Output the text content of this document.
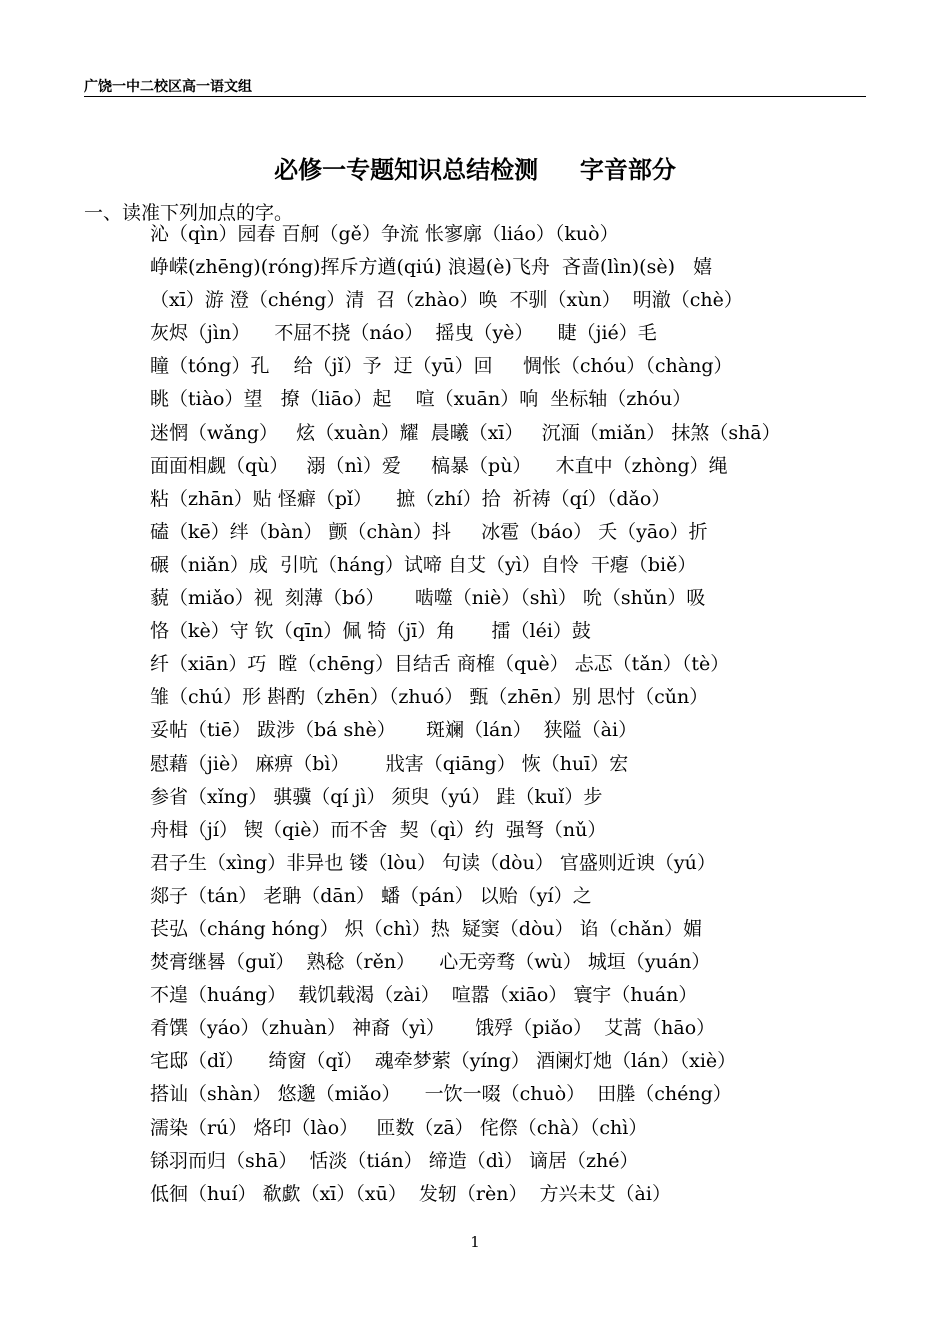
广饶一中二校区高一语文组
必修一专题知识总结检测     字音部分
一、读准下列加点的字。
沁（qìn）园春 百舸（gě）争流 怅寥廓（liáo）（kuò）
峥嵘(zhēng)(róng)挥斥方遒(qiú) 浪遏(è)飞舟  吝啬(lìn)(sè)   嬉
（xī）游 澄（chéng）清  召（zhào）唤  不驯（xùn）  明澈（chè）
灰烬（jìn）    不屈不挠（náo）  摇曳（yè）    睫（jié）毛
瞳（tóng）孔    给（jǐ）予  迂（yū）回     惆怅（chóu）（chàng）
眺（tiào）望   撩（liāo）起    喧（xuān）响  坐标轴（zhóu）
迷惘（wǎng）   炫（xuàn）耀  晨曦（xī）   沉湎（miǎn） 抹煞（shā）
面面相觑（qù）   溺（nì）爱     槁暴（pù）    木直中（zhòng）绳
粘（zhān）贴 怪癖（pǐ）    摭（zhí）拾  祈祷（qí）（dǎo）
磕（kē）绊（bàn） 颤（chàn）抖     冰雹（báo） 夭（yāo）折
碾（niǎn）成  引吭（háng）试啼 自艾（yì）自怜  干瘪（biě）
藐（miǎo）视  刻薄（bó）     啮噬（niè）（shì） 吮（shǔn）吸
恪（kè）守 钦（qīn）佩 犄（jī）角      擂（léi）鼓
纤（xiān）巧  瞠（chēng）目结舌 商榷（què） 忐忑（tǎn）（tè）
雏（chú）形 斟酌（zhēn）（zhuó） 甄（zhēn）别 思忖（cǔn）
妥帖（tiē） 跋涉（bá shè）     斑斓（lán）  狭隘（ài）
慰藉（jiè） 麻痹（bì）      戕害（qiāng） 恢（huī）宏
参省（xǐng） 骐骥（qí jì） 须臾（yú） 跬（kuǐ）步
舟楫（jí） 锲（qiè）而不舍  契（qì）约  强弩（nǔ）
君子生（xìng）非异也 镂（lòu） 句读（dòu） 官盛则近谀（yú）
郯子（tán） 老聃（dān） 蟠（pán） 以贻（yí）之
苌弘（cháng hóng） 炽（chì）热  疑窦（dòu） 谄（chǎn）媚
焚膏继晷（guǐ）  熟稔（rěn）    心无旁骛（wù） 城垣（yuán）
不遑（huáng）  载饥载渴（zài）  喧嚣（xiāo） 寰宇（huán）
肴馔（yáo）（zhuàn） 神裔（yì）     饿殍（piǎo）  艾蒿（hāo）
宅邸（dǐ）    绮窗（qǐ）  魂牵梦萦（yíng） 酒阑灯灺（lán）（xiè）
搭讪（shàn） 悠邈（miǎo）    一饮一啜（chuò）  田塍（chéng）
濡染（rú） 烙印（lào）   匝数（zā） 侘傺（chà）（chì）
铩羽而归（shā）  恬淡（tián） 缔造（dì） 谪居（zhé）
低徊（huí） 欷歔（xī）（xū）  发轫（rèn）  方兴未艾（ài）
1
